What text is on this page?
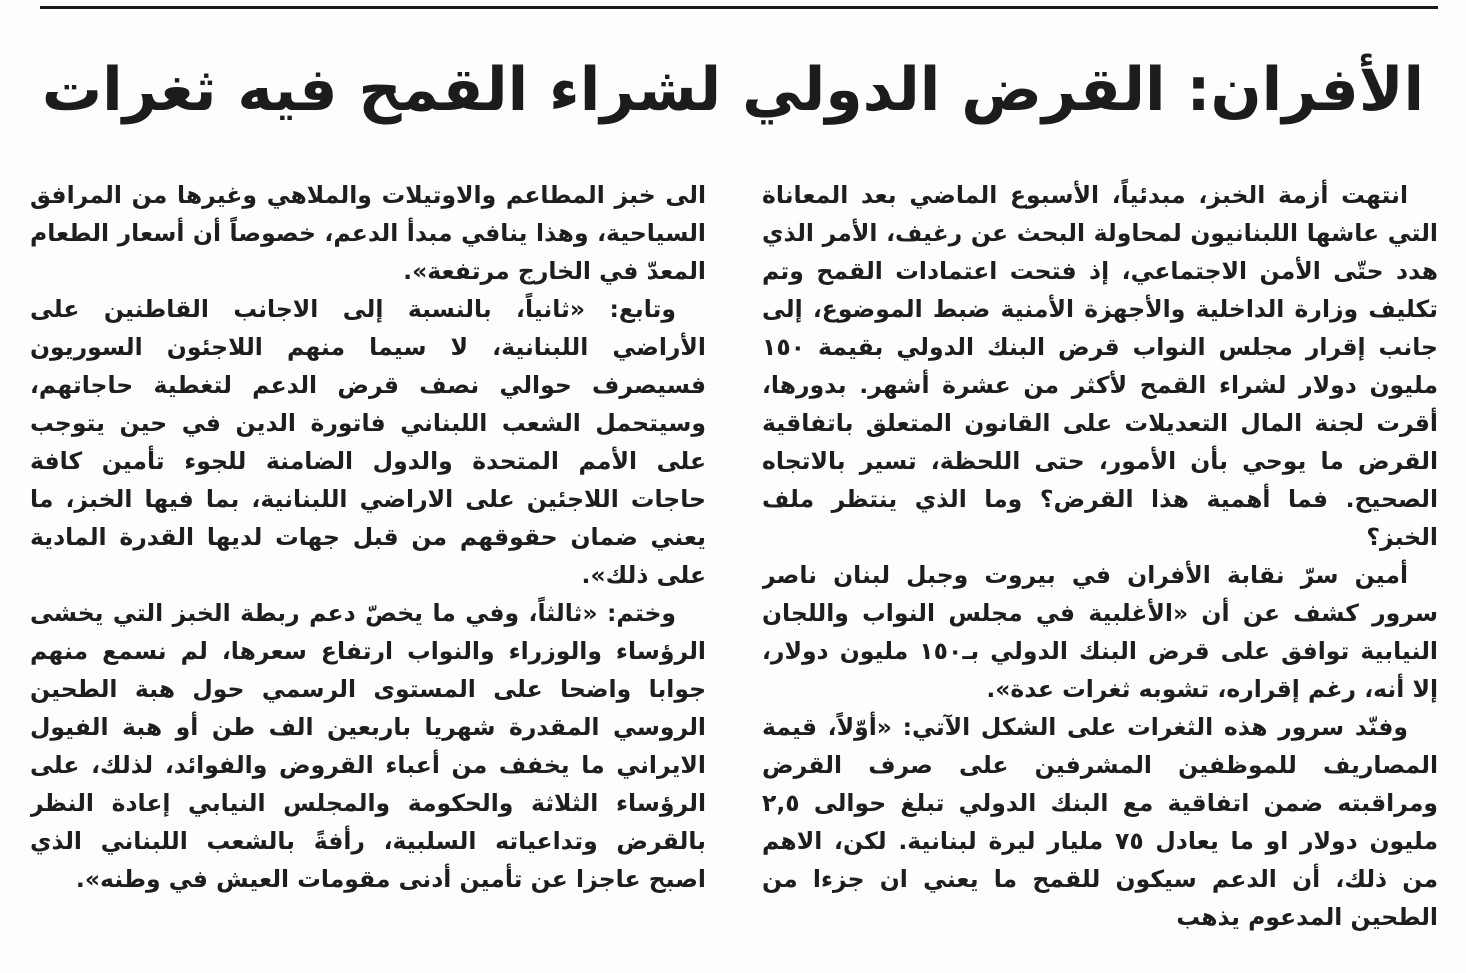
الأفران: القرض الدولي لشراء القمح فيه ثغرات

انتهت أزمة الخبز، مبدئياً، الأسبوع الماضي بعد المعاناة التي عاشها اللبنانيون لمحاولة البحث عن رغيف، الأمر الذي هدد حتّى الأمن الاجتماعي، إذ فتحت اعتمادات القمح وتم تكليف وزارة الداخلية والأجهزة الأمنية ضبط الموضوع، إلى جانب إقرار مجلس النواب قرض البنك الدولي بقيمة ١٥٠ مليون دولار لشراء القمح لأكثر من عشرة أشهر. بدورها، أقرت لجنة المال التعديلات على القانون المتعلق باتفاقية القرض ما يوحي بأن الأمور، حتى اللحظة، تسير بالاتجاه الصحيح. فما أهمية هذا القرض؟ وما الذي ينتظر ملف الخبز؟

أمين سرّ نقابة الأفران في بيروت وجبل لبنان ناصر سرور كشف عن أن «الأغلبية في مجلس النواب واللجان النيابية توافق على قرض البنك الدولي بـ١٥٠ مليون دولار، إلا أنه، رغم إقراره، تشوبه ثغرات عدة».

وفنّد سرور هذه الثغرات على الشكل الآتي: «أوّلاً، قيمة المصاريف للموظفين المشرفين على صرف القرض ومراقبته ضمن اتفاقية مع البنك الدولي تبلغ حوالى ٢,٥ مليون دولار او ما يعادل ٧٥ مليار ليرة لبنانية. لكن، الاهم من ذلك، أن الدعم سيكون للقمح ما يعني ان جزءا من الطحين المدعوم يذهب

الى خبز المطاعم والاوتيلات والملاهي وغيرها من المرافق السياحية، وهذا ينافي مبدأ الدعم، خصوصاً أن أسعار الطعام المعدّ في الخارج مرتفعة».

وتابع: «ثانياً، بالنسبة إلى الاجانب القاطنين على الأراضي اللبنانية، لا سيما منهم اللاجئون السوريون فسيصرف حوالي نصف قرض الدعم لتغطية حاجاتهم، وسيتحمل الشعب اللبناني فاتورة الدين في حين يتوجب على الأمم المتحدة والدول الضامنة للجوء تأمين كافة حاجات اللاجئين على الاراضي اللبنانية، بما فيها الخبز، ما يعني ضمان حقوقهم من قبل جهات لديها القدرة المادية على ذلك».

وختم: «ثالثاً، وفي ما يخصّ دعم ربطة الخبز التي يخشى الرؤساء والوزراء والنواب ارتفاع سعرها، لم نسمع منهم جوابا واضحا على المستوى الرسمي حول هبة الطحين الروسي المقدرة شهريا باربعين الف طن أو هبة الفيول الايراني ما يخفف من أعباء القروض والفوائد، لذلك، على الرؤساء الثلاثة والحكومة والمجلس النيابي إعادة النظر بالقرض وتداعياته السلبية، رأفةً بالشعب اللبناني الذي اصبح عاجزا عن تأمين أدنى مقومات العيش في وطنه».
